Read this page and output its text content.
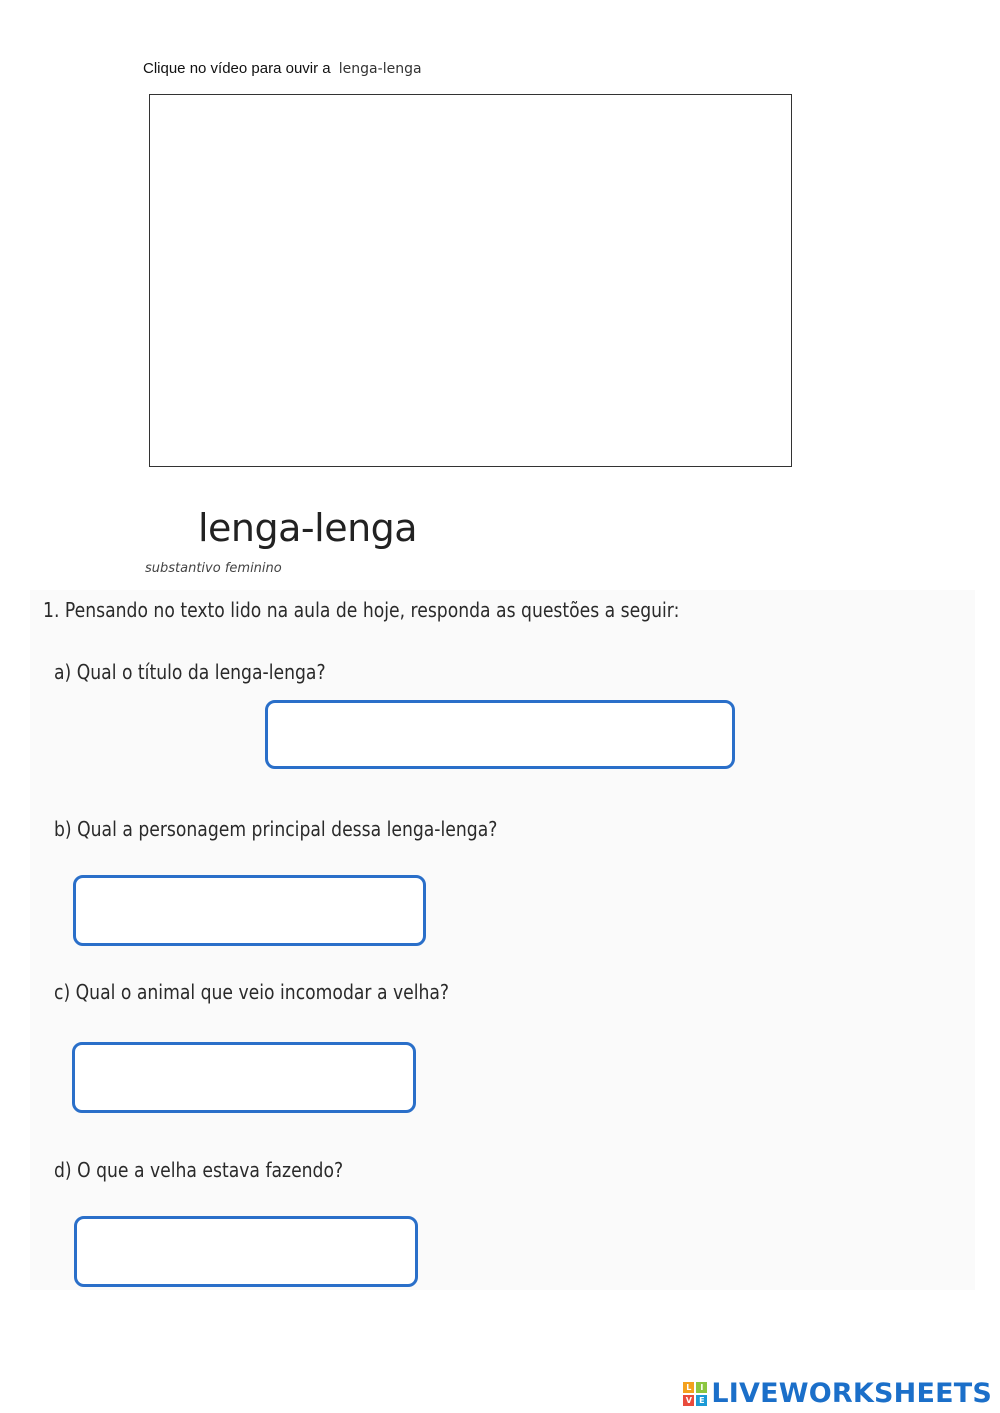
Clique no vídeo para ouvir a lenga-lenga
lenga-lenga
substantivo feminino
1. Pensando no texto lido na aula de hoje, responda as questões a seguir:
a) Qual o título da lenga-lenga?
b) Qual a personagem principal dessa lenga-lenga?
c) Qual o animal que veio incomodar a velha?
d) O que a velha estava fazendo?
L	I
V E LIVEWORKSHEETS
